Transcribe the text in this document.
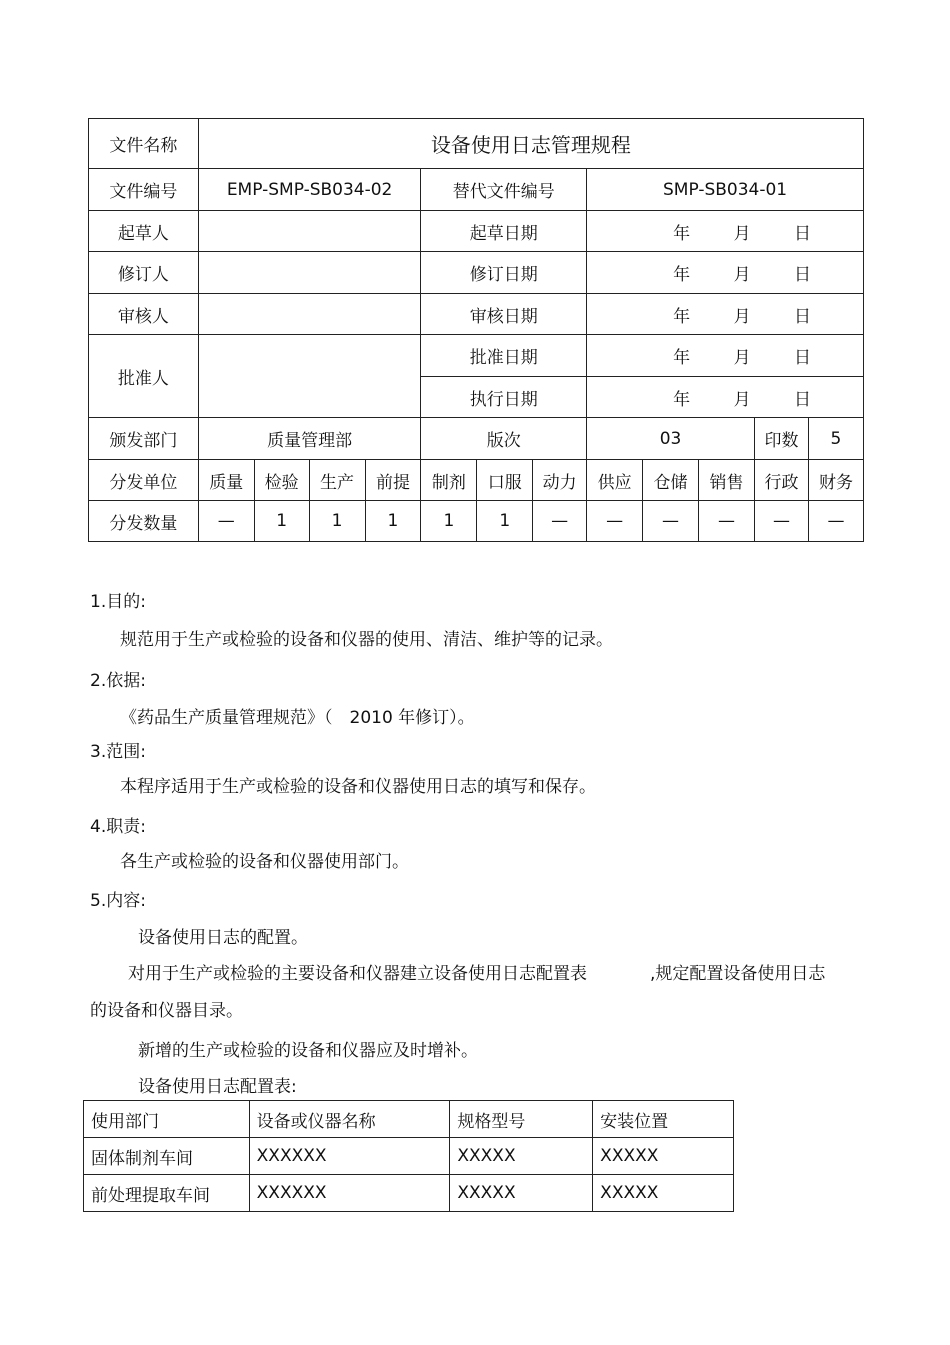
文件名称	设备使用日志管理规程											
文件编号	EMP-SMP-SB034-02				替代文件编号			SMP-SB034-01				
起草人					起草日期			年 月 日				

修订人					修订日期			年 月 日				

审核人					审核日期			年 月 日				

批准人					批准日期			年 月 日				

					执行日期			年 月 日				

颁发部门	质量管理部				版次			03			印数	5
分发单位	质量	检验	生产	前提	制剂	口服	动力	供应	仓储	销售	行政	财务
分发数量	—	1	1	1	1	1	—	—	—	—	—	—
1.目的:
规范用于生产或检验的设备和仪器的使用、清洁、维护等的记录。
2.依据:
《药品生产质量管理规范》（　2010 年修订）。
3.范围:
本程序适用于生产或检验的设备和仪器使用日志的填写和保存。
4.职责:
各生产或检验的设备和仪器使用部门。
5.内容:
设备使用日志的配置。
对用于生产或检验的主要设备和仪器建立设备使用日志配置表	,规定配置设备使用日志
的设备和仪器目录。
新增的生产或检验的设备和仪器应及时增补。
设备使用日志配置表:
使用部门	设备或仪器名称	规格型号	安装位置
固体制剂车间	XXXXXX	XXXXX	XXXXX
前处理提取车间	XXXXXX	XXXXX	XXXXX
